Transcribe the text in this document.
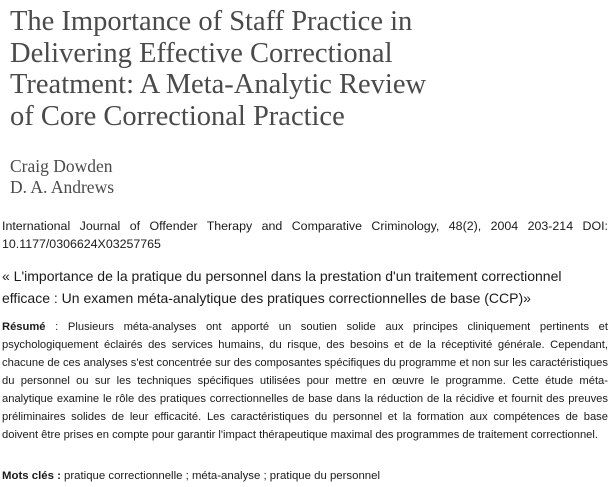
The Importance of Staff Practice in
Delivering Effective Correctional
Treatment: A Meta-Analytic Review
of Core Correctional Practice
Craig Dowden
D. A. Andrews

International Journal of Offender Therapy and Comparative Criminology, 48(2), 2004 203-214 DOI: 10.1177/0306624X03257765

« L'importance de la pratique du personnel dans la prestation d'un traitement correctionnel efficace : Un examen méta-analytique des pratiques correctionnelles de base (CCP)»

Résumé : Plusieurs méta-analyses ont apporté un soutien solide aux principes cliniquement pertinents et psychologiquement éclairés des services humains, du risque, des besoins et de la réceptivité générale. Cependant, chacune de ces analyses s'est concentrée sur des composantes spécifiques du programme et non sur les caractéristiques du personnel ou sur les techniques spécifiques utilisées pour mettre en œuvre le programme. Cette étude méta-analytique examine le rôle des pratiques correctionnelles de base dans la réduction de la récidive et fournit des preuves préliminaires solides de leur efficacité. Les caractéristiques du personnel et la formation aux compétences de base doivent être prises en compte pour garantir l'impact thérapeutique maximal des programmes de traitement correctionnel.

Mots clés : pratique correctionnelle ; méta-analyse ; pratique du personnel
